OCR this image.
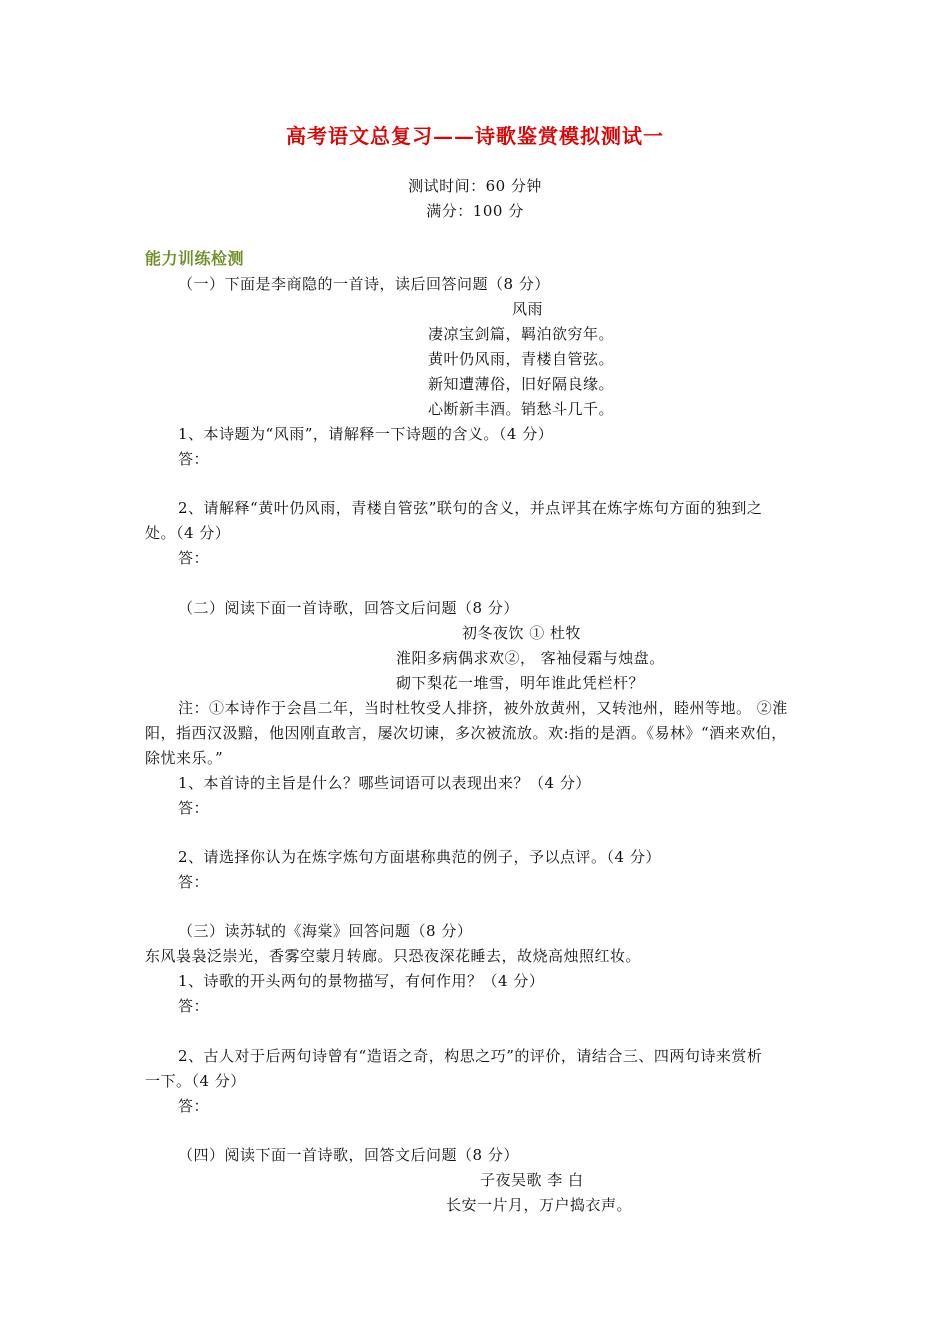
高考语文总复习——诗歌鉴赏模拟测试一
测试时间：60 分钟
满分：100 分
能力训练检测
（一）下面是李商隐的一首诗，读后回答问题（8 分）
风雨
凄凉宝剑篇，羁泊欲穷年。
黄叶仍风雨，青楼自管弦。
新知遭薄俗，旧好隔良缘。
心断新丰酒。销愁斗几千。
1、本诗题为“风雨”，请解释一下诗题的含义。（4 分）
答：
2、请解释“黄叶仍风雨，青楼自管弦”联句的含义，并点评其在炼字炼句方面的独到之
处。（4 分）
答：
（二）阅读下面一首诗歌，回答文后问题（8 分）
初冬夜饮 ① 杜牧
淮阳多病偶求欢②， 客袖侵霜与烛盘。
砌下梨花一堆雪，明年谁此凭栏杆？
注：①本诗作于会昌二年，当时杜牧受人排挤，被外放黄州，又转池州，睦州等地。 ②淮
阳，指西汉汲黯，他因刚直敢言，屡次切谏，多次被流放。欢:指的是酒。《易林》“酒来欢伯，
除忧来乐。”
1、本首诗的主旨是什么？哪些词语可以表现出来？（4 分）
答：
2、请选择你认为在炼字炼句方面堪称典范的例子，予以点评。（4 分）
答：
（三）读苏轼的《海棠》回答问题（8 分）
东风袅袅泛崇光，香雾空蒙月转廊。只恐夜深花睡去，故烧高烛照红妆。
1、诗歌的开头两句的景物描写，有何作用？（4 分）
答：
2、古人对于后两句诗曾有“造语之奇，构思之巧”的评价，请结合三、四两句诗来赏析
一下。（4 分）
答：
（四）阅读下面一首诗歌，回答文后问题（8 分）
子夜吴歌 李 白
长安一片月，万户捣衣声。
